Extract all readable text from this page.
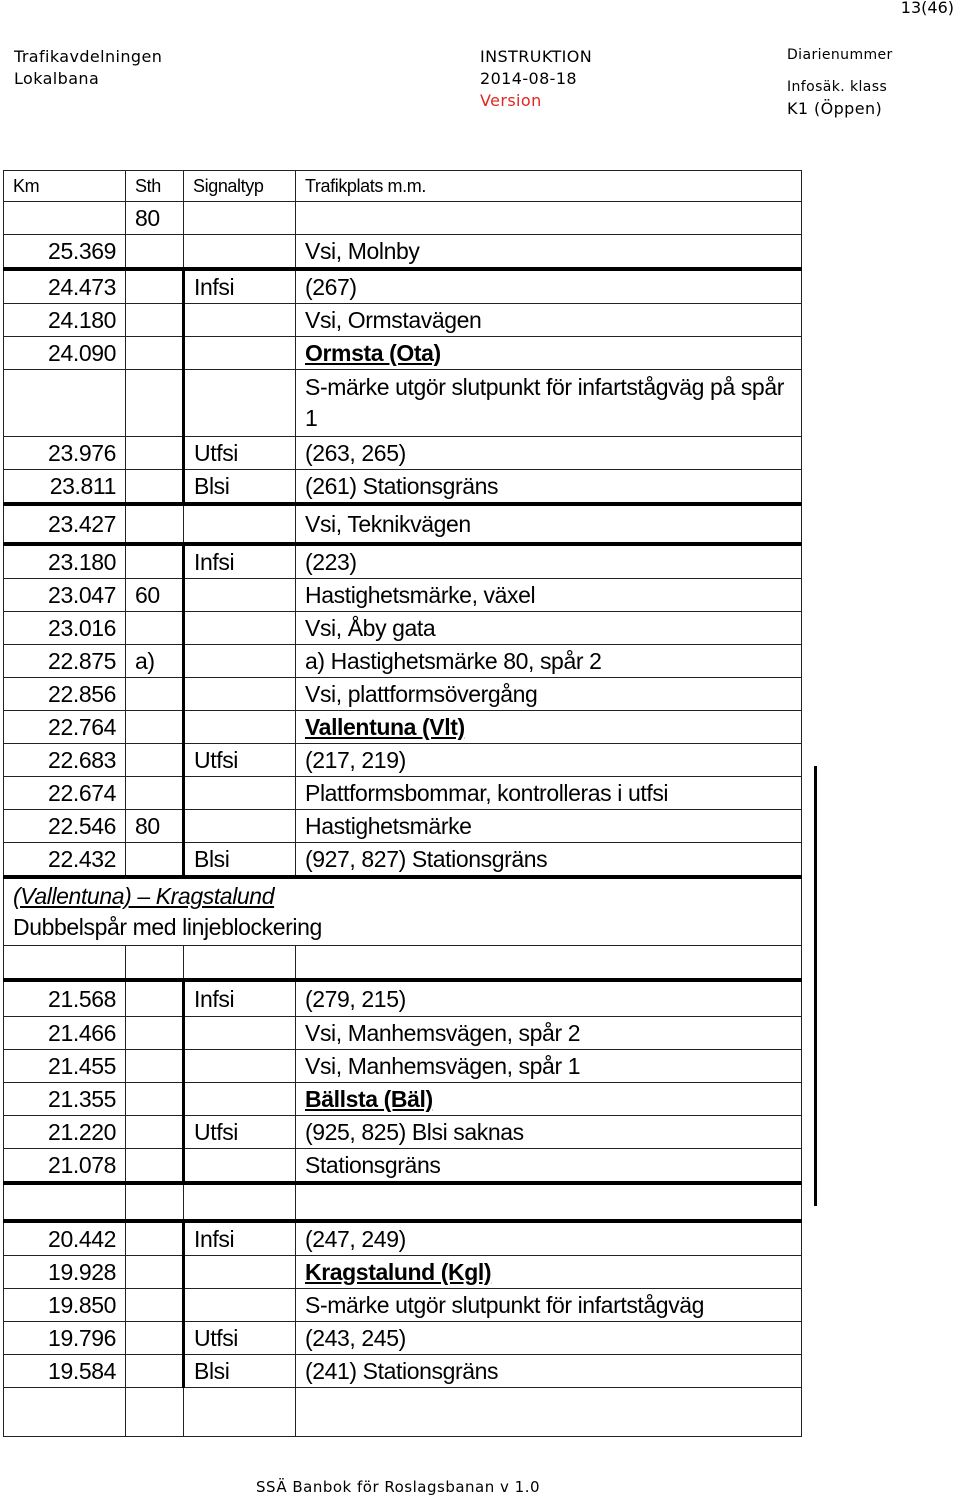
13(46)
Trafikavdelningen
Lokalbana
INSTRUKTION
2014-08-18
Version
Diarienummer
Infosäk. klass
K1 (Öppen)
Km	Sth	Signaltyp	Trafikplats m.m.
	80		
25.369			Vsi, Molnby
24.473		Infsi	(267)
24.180			Vsi, Ormstavägen
24.090			Ormsta (Ota)
			S-märke utgör slutpunkt för infartstågväg på spår 1
23.976		Utfsi	(263, 265)
23.811		Blsi	(261) Stationsgräns
23.427			Vsi, Teknikvägen
23.180		Infsi	(223)
23.047	60		Hastighetsmärke, växel
23.016			Vsi, Åby gata
22.875	a)		a) Hastighetsmärke 80, spår 2
22.856			Vsi, plattformsövergång
22.764			Vallentuna (Vlt)
22.683		Utfsi	(217, 219)
22.674			Plattformsbommar, kontrolleras i utfsi
22.546	80		Hastighetsmärke
22.432		Blsi	(927, 827) Stationsgräns

(Vallentuna) – Kragstalund
Dubbelspår med linjeblockering			

21.568		Infsi	(279, 215)
21.466			Vsi, Manhemsvägen, spår 2
21.455			Vsi, Manhemsvägen, spår 1
21.355			Bällsta (Bäl)
21.220		Utfsi	(925, 825) Blsi saknas
21.078			Stationsgräns

20.442		Infsi	(247, 249)
19.928			Kragstalund (Kgl)
19.850			S-märke utgör slutpunkt för infartstågväg
19.796		Utfsi	(243, 245)
19.584		Blsi	(241) Stationsgräns

SSÄ Banbok för Roslagsbanan v 1.0
